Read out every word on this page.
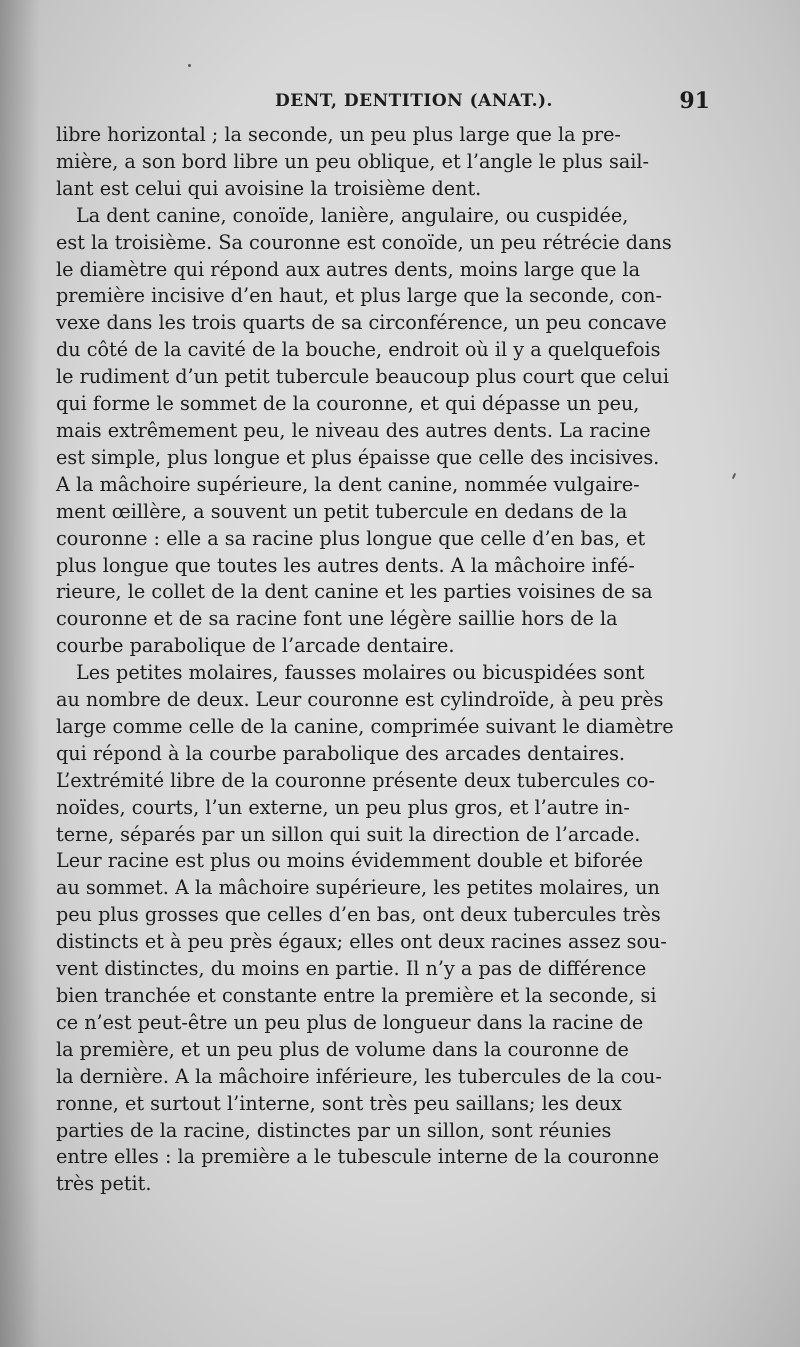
DENT, DENTITION (ANAT.).	91

libre horizontal ; la seconde, un peu plus large que la pre-
mière, a son bord libre un peu oblique, et l’angle le plus sail-
lant est celui qui avoisine la troisième dent.

La dent canine, conoïde, lanière, angulaire, ou cuspidée,
est la troisième. Sa couronne est conoïde, un peu rétrécie dans
le diamètre qui répond aux autres dents, moins large que la
première incisive d’en haut, et plus large que la seconde, con-
vexe dans les trois quarts de sa circonférence, un peu concave
du côté de la cavité de la bouche, endroit où il y a quelquefois
le rudiment d’un petit tubercule beaucoup plus court que celui
qui forme le sommet de la couronne, et qui dépasse un peu,
mais extrêmement peu, le niveau des autres dents. La racine
est simple, plus longue et plus épaisse que celle des incisives.
A la mâchoire supérieure, la dent canine, nommée vulgaire-
ment œillère, a souvent un petit tubercule en dedans de la
couronne : elle a sa racine plus longue que celle d’en bas, et
plus longue que toutes les autres dents. A la mâchoire infé-
rieure, le collet de la dent canine et les parties voisines de sa
couronne et de sa racine font une légère saillie hors de la
courbe parabolique de l’arcade dentaire.

Les petites molaires, fausses molaires ou bicuspidées sont
au nombre de deux. Leur couronne est cylindroïde, à peu près
large comme celle de la canine, comprimée suivant le diamètre
qui répond à la courbe parabolique des arcades dentaires.
L’extrémité libre de la couronne présente deux tubercules co-
noïdes, courts, l’un externe, un peu plus gros, et l’autre in-
terne, séparés par un sillon qui suit la direction de l’arcade.
Leur racine est plus ou moins évidemment double et biforée
au sommet. A la mâchoire supérieure, les petites molaires, un
peu plus grosses que celles d’en bas, ont deux tubercules très
distincts et à peu près égaux; elles ont deux racines assez sou-
vent distinctes, du moins en partie. Il n’y a pas de différence
bien tranchée et constante entre la première et la seconde, si
ce n’est peut-être un peu plus de longueur dans la racine de
la première, et un peu plus de volume dans la couronne de
la dernière. A la mâchoire inférieure, les tubercules de la cou-
ronne, et surtout l’interne, sont très peu saillans; les deux
parties de la racine, distinctes par un sillon, sont réunies
entre elles : la première a le tubescule interne de la couronne
très petit.
